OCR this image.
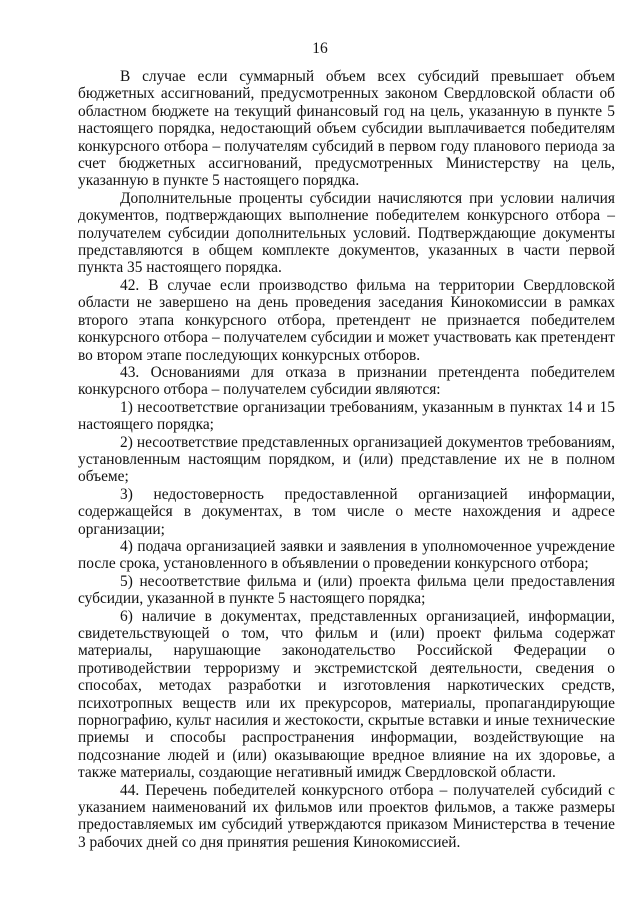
16

В случае если суммарный объем всех субсидий превышает объем бюджетных ассигнований, предусмотренных законом Свердловской области об областном бюджете на текущий финансовый год на цель, указанную в пункте 5 настоящего порядка, недостающий объем субсидии выплачивается победителям конкурсного отбора – получателям субсидий в первом году планового периода за счет бюджетных ассигнований, предусмотренных Министерству на цель, указанную в пункте 5 настоящего порядка.

Дополнительные проценты субсидии начисляются при условии наличия документов, подтверждающих выполнение победителем конкурсного отбора – получателем субсидии дополнительных условий. Подтверждающие документы представляются в общем комплекте документов, указанных в части первой пункта 35 настоящего порядка.

42. В случае если производство фильма на территории Свердловской области не завершено на день проведения заседания Кинокомиссии в рамках второго этапа конкурсного отбора, претендент не признается победителем конкурсного отбора – получателем субсидии и может участвовать как претендент во втором этапе последующих конкурсных отборов.

43. Основаниями для отказа в признании претендента победителем конкурсного отбора – получателем субсидии являются:

1) несоответствие организации требованиям, указанным в пунктах 14 и 15 настоящего порядка;

2) несоответствие представленных организацией документов требованиям, установленным настоящим порядком, и (или) представление их не в полном объеме;

3) недостоверность предоставленной организацией информации, содержащейся в документах, в том числе о месте нахождения и адресе организации;

4) подача организацией заявки и заявления в уполномоченное учреждение после срока, установленного в объявлении о проведении конкурсного отбора;

5) несоответствие фильма и (или) проекта фильма цели предоставления субсидии, указанной в пункте 5 настоящего порядка;

6) наличие в документах, представленных организацией, информации, свидетельствующей о том, что фильм и (или) проект фильма содержат материалы, нарушающие законодательство Российской Федерации о противодействии терроризму и экстремистской деятельности, сведения о способах, методах разработки и изготовления наркотических средств, психотропных веществ или их прекурсоров, материалы, пропагандирующие порнографию, культ насилия и жестокости, скрытые вставки и иные технические приемы и способы распространения информации, воздействующие на подсознание людей и (или) оказывающие вредное влияние на их здоровье, а также материалы, создающие негативный имидж Свердловской области.

44. Перечень победителей конкурсного отбора – получателей субсидий с указанием наименований их фильмов или проектов фильмов, а также размеры предоставляемых им субсидий утверждаются приказом Министерства в течение 3 рабочих дней со дня принятия решения Кинокомиссией.
